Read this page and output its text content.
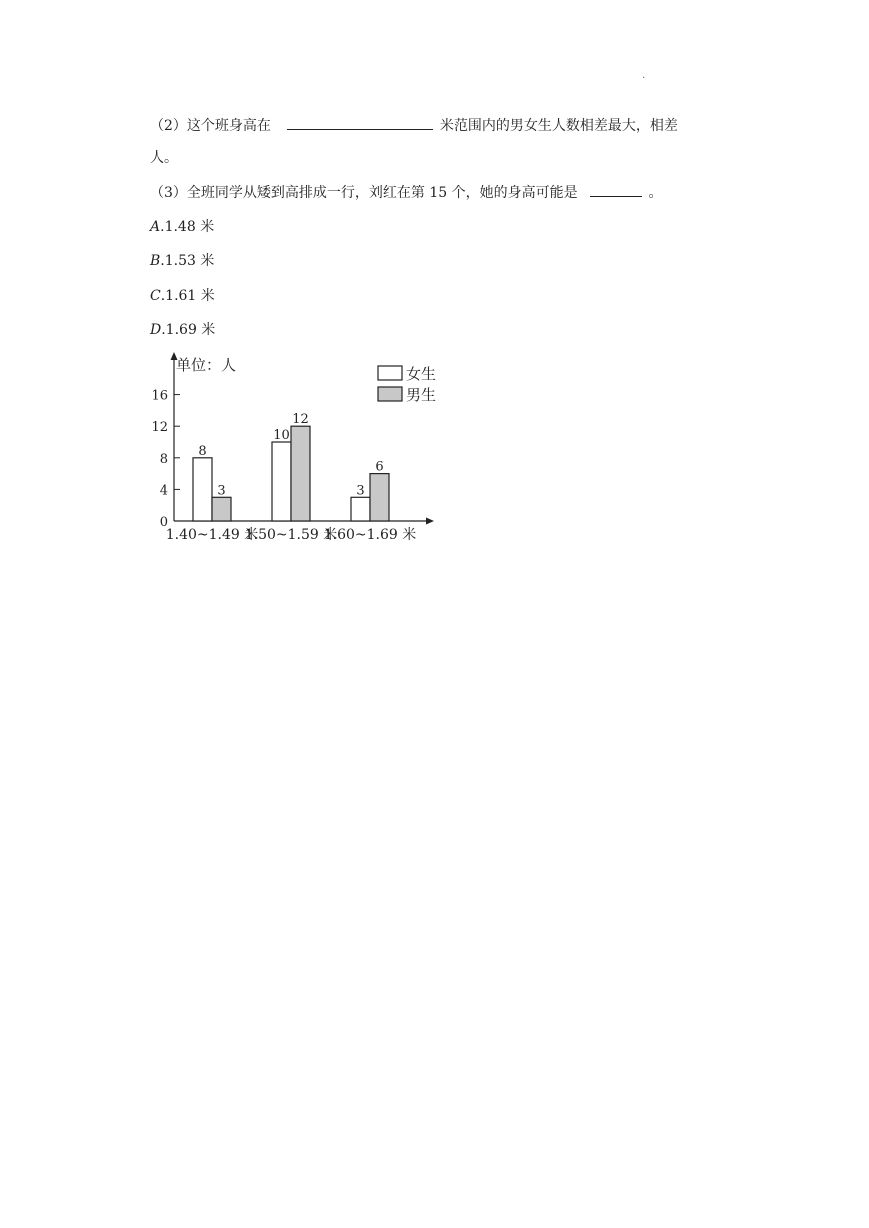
.
（2）这个班身高在	米范围内的男女生人数相差最大，相差
人。
（3）全班同学从矮到高排成一行，刘红在第 15 个，她的身高可能是	。
A.1.48 米
B.1.53 米
C.1.61 米
D.1.69 米
单位：人
0
4
8
12
16
8
3
1.40~1.49 米
10
12
1.50~1.59 米
3
6
1.60~1.69 米
女生
男生
